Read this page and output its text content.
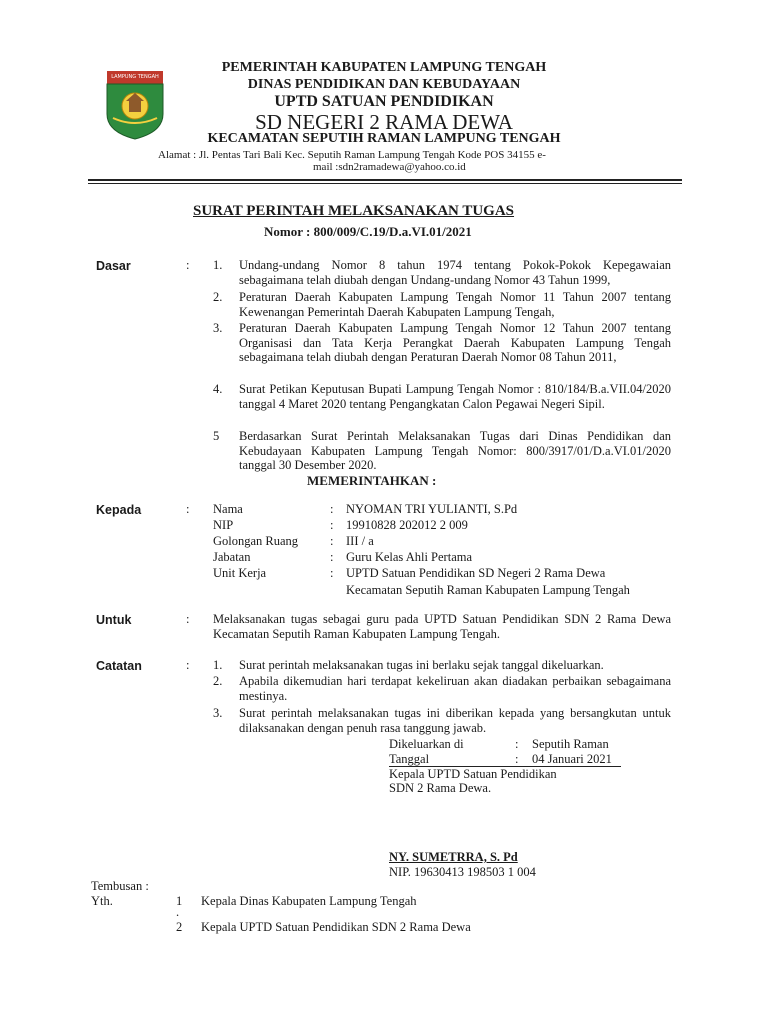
LAMPUNG TENGAH
PEMERINTAH KABUPATEN LAMPUNG TENGAH
DINAS PENDIDIKAN DAN KEBUDAYAAN
UPTD SATUAN PENDIDIKAN
SD NEGERI 2 RAMA DEWA
KECAMATAN SEPUTIH RAMAN LAMPUNG TENGAH
Alamat : Jl. Pentas Tari Bali Kec. Seputih Raman Lampung Tengah Kode POS 34155 e-
mail :sdn2ramadewa@yahoo.co.id
SURAT PERINTAH MELAKSANAKAN TUGAS
Nomor : 800/009/C.19/D.a.VI.01/2021
Dasar	: 1. Undang-undang Nomor 8 tahun 1974 tentang Pokok-Pokok Kepegawaian sebagaimana telah diubah dengan Undang-undang Nomor 43 Tahun 1999,
2. Peraturan Daerah Kabupaten Lampung Tengah Nomor 11 Tahun 2007 tentang Kewenangan Pemerintah Daerah Kabupaten Lampung Tengah,
3. Peraturan Daerah Kabupaten Lampung Tengah Nomor 12 Tahun 2007 tentang Organisasi dan Tata Kerja Perangkat Daerah Kabupaten Lampung Tengah sebagaimana telah diubah dengan Peraturan Daerah Nomor 08 Tahun 2011,
4. Surat Petikan Keputusan Bupati Lampung Tengah Nomor : 810/184/B.a.VII.04/2020 tanggal 4 Maret 2020 tentang Pengangkatan Calon Pegawai Negeri Sipil.
5 Berdasarkan Surat Perintah Melaksanakan Tugas dari Dinas Pendidikan dan Kebudayaan Kabupaten Lampung Tengah Nomor: 800/3917/01/D.a.VI.01/2020 tanggal 30 Desember 2020.
MEMERINTAHKAN :
Kepada	: Nama	: NYOMAN TRI YULIANTI, S.Pd
NIP	: 19910828 202012 2 009
Golongan Ruang	: III / a
Jabatan	: Guru Kelas Ahli Pertama
Unit Kerja	: UPTD Satuan Pendidikan SD Negeri 2 Rama Dewa
Kecamatan Seputih Raman Kabupaten Lampung Tengah
Untuk	: Melaksanakan tugas sebagai guru pada UPTD Satuan Pendidikan SDN 2 Rama Dewa Kecamatan Seputih Raman Kabupaten Lampung Tengah.
Catatan	: 1. Surat perintah melaksanakan tugas ini berlaku sejak tanggal dikeluarkan.
2. Apabila dikemudian hari terdapat kekeliruan akan diadakan perbaikan sebagaimana mestinya.
3. Surat perintah melaksanakan tugas ini diberikan kepada yang bersangkutan untuk dilaksanakan dengan penuh rasa tanggung jawab.
Dikeluarkan di	: Seputih Raman
Tanggal	: 04 Januari 2021
Kepala UPTD Satuan Pendidikan
SDN 2 Rama Dewa.
NY. SUMETRRA, S. Pd
NIP. 19630413 198503 1 004
Tembusan :
Yth.	1 Kepala Dinas Kabupaten Lampung Tengah
.
2 Kepala UPTD Satuan Pendidikan SDN 2 Rama Dewa
